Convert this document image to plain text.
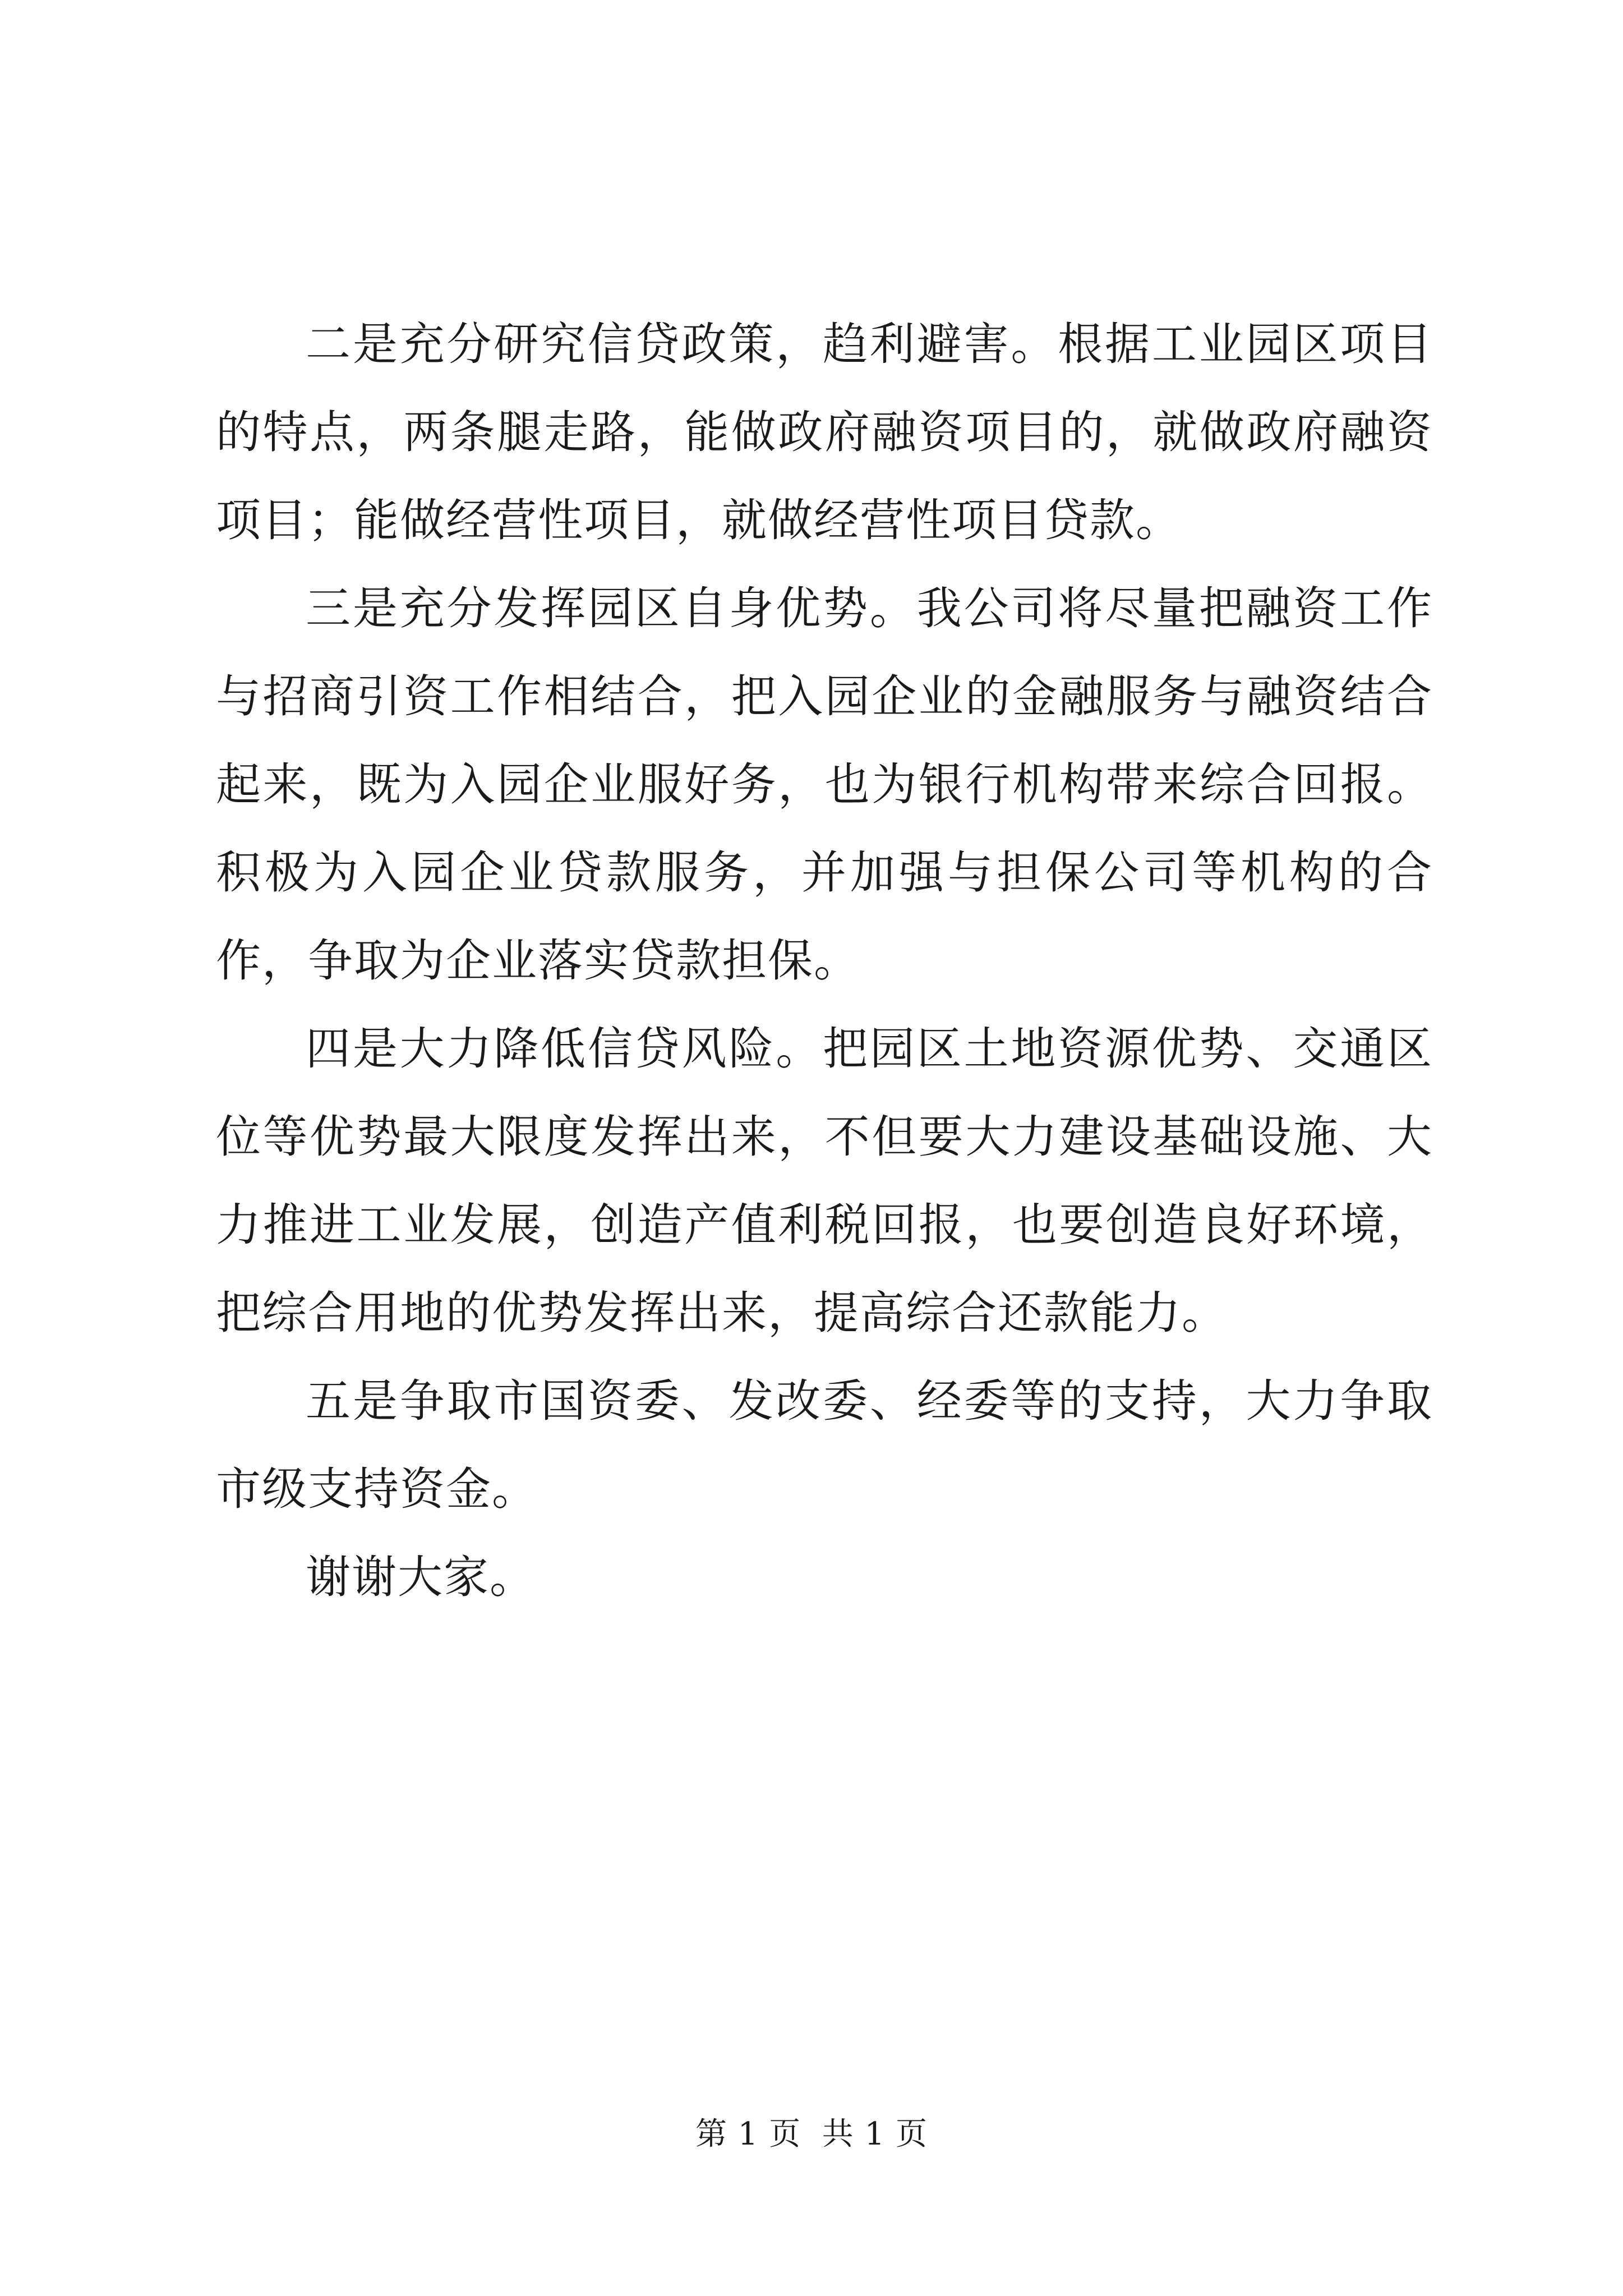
二是充分研究信贷政策，趋利避害。根据工业园区项目的特点，两条腿走路，能做政府融资项目的，就做政府融资项目；能做经营性项目，就做经营性项目贷款。

三是充分发挥园区自身优势。我公司将尽量把融资工作与招商引资工作相结合，把入园企业的金融服务与融资结合起来，既为入园企业服好务，也为银行机构带来综合回报。积极为入园企业贷款服务，并加强与担保公司等机构的合作，争取为企业落实贷款担保。

四是大力降低信贷风险。把园区土地资源优势、交通区位等优势最大限度发挥出来，不但要大力建设基础设施、大力推进工业发展，创造产值利税回报，也要创造良好环境，把综合用地的优势发挥出来，提高综合还款能力。

五是争取市国资委、发改委、经委等的支持，大力争取市级支持资金。

谢谢大家。

第 1 页  共 1 页
